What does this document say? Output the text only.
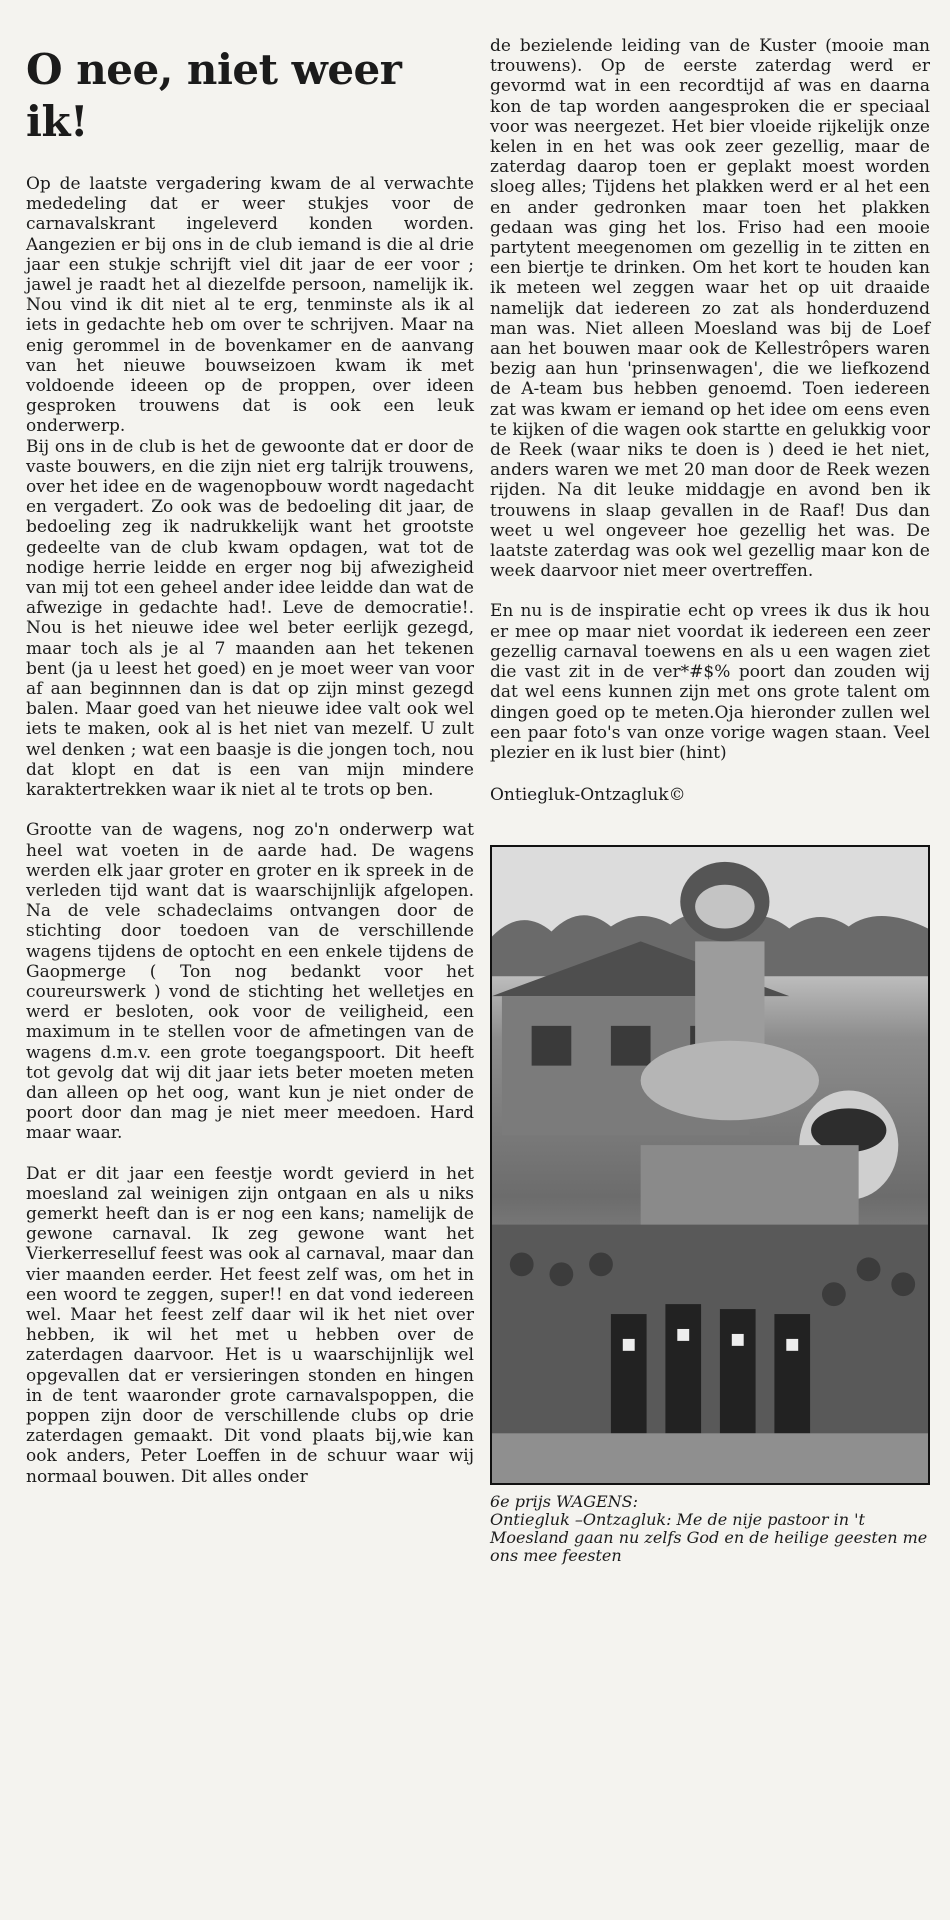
O nee, niet weer ik!

Op de laatste vergadering kwam de al verwachte mededeling dat er weer stukjes voor de carnavalskrant ingeleverd konden worden. Aangezien er bij ons in de club iemand is die al drie jaar een stukje schrijft viel dit jaar de eer voor ; jawel je raadt het al diezelfde persoon, namelijk ik. Nou vind ik dit niet al te erg, tenminste als ik al iets in gedachte heb om over te schrijven. Maar na enig gerommel in de bovenkamer en de aanvang van het nieuwe bouwseizoen kwam ik met voldoende ideeen op de proppen, over ideen gesproken trouwens dat is ook een leuk onderwerp.

Bij ons in de club is het de gewoonte dat er door de vaste bouwers, en die zijn niet erg talrijk trouwens, over het idee en de wagenopbouw wordt nagedacht en vergadert. Zo ook was de bedoeling dit jaar, de bedoeling zeg ik nadrukkelijk want het grootste gedeelte van de club kwam opdagen, wat tot de nodige herrie leidde en erger nog bij afwezigheid van mij tot een geheel ander idee leidde dan wat de afwezige in gedachte had!. Leve de democratie!. Nou is het nieuwe idee wel beter eerlijk gezegd, maar toch als je al 7 maanden aan het tekenen bent (ja u leest het goed) en je moet weer van voor af aan beginnnen dan is dat op zijn minst gezegd balen. Maar goed van het nieuwe idee valt ook wel iets te maken, ook al is het niet van mezelf. U zult wel denken ; wat een baasje is die jongen toch, nou dat klopt en dat is een van mijn mindere karaktertrekken waar ik niet al te trots op ben.

Grootte van de wagens, nog zo'n onderwerp wat heel wat voeten in de aarde had. De wagens werden elk jaar groter en groter en ik spreek in de verleden tijd want dat is waarschijnlijk afgelopen. Na de vele schadeclaims ontvangen door de stichting door toedoen van de verschillende wagens tijdens de optocht en een enkele tijdens de Gaopmerge ( Ton nog bedankt voor het coureurswerk ) vond de stichting het welletjes en werd er besloten, ook voor de veiligheid, een maximum in te stellen voor de afmetingen van de wagens d.m.v. een grote toegangspoort. Dit heeft tot gevolg dat wij dit jaar iets beter moeten meten dan alleen op het oog, want kun je niet onder de poort door dan mag je niet meer meedoen. Hard maar waar.

Dat er dit jaar een feestje wordt gevierd in het moesland zal weinigen zijn ontgaan en als u niks gemerkt heeft dan is er nog een kans; namelijk de gewone carnaval. Ik zeg gewone want het Vierkerreselluf feest was ook al carnaval, maar dan vier maanden eerder. Het feest zelf was, om het in een woord te zeggen, super!! en dat vond iedereen wel. Maar het feest zelf daar wil ik het niet over hebben, ik wil het met u hebben over de zaterdagen daarvoor. Het is u waarschijnlijk wel opgevallen dat er versieringen stonden en hingen in de tent waaronder grote carnavalspoppen, die poppen zijn door de verschillende clubs op drie zaterdagen gemaakt. Dit vond plaats bij,wie kan ook anders, Peter Loeffen in de schuur waar wij normaal bouwen. Dit alles onder

de bezielende leiding van de Kuster (mooie man trouwens). Op de eerste zaterdag werd er gevormd wat in een recordtijd af was en daarna kon de tap worden aangesproken die er speciaal voor was neergezet. Het bier vloeide rijkelijk onze kelen in en het was ook zeer gezellig, maar de zaterdag daarop toen er geplakt moest worden sloeg alles; Tijdens het plakken werd er al het een en ander gedronken maar toen het plakken gedaan was ging het los. Friso had een mooie partytent meegenomen om gezellig in te zitten en een biertje te drinken. Om het kort te houden kan ik meteen wel zeggen waar het op uit draaide namelijk dat iedereen zo zat als honderduzend man was. Niet alleen Moesland was bij de Loef aan het bouwen maar ook de Kellestrôpers waren bezig aan hun 'prinsenwagen', die we liefkozend de A-team bus hebben genoemd. Toen iedereen zat was kwam er iemand op het idee om eens even te kijken of die wagen ook startte en gelukkig voor de Reek (waar niks te doen is ) deed ie het niet, anders waren we met 20 man door de Reek wezen rijden. Na dit leuke middagje en avond ben ik trouwens in slaap gevallen in de Raaf! Dus dan weet u wel ongeveer hoe gezellig het was. De laatste zaterdag was ook wel gezellig maar kon de week daarvoor niet meer overtreffen.

En nu is de inspiratie echt op vrees ik dus ik hou er mee op maar niet voordat ik iedereen een zeer gezellig carnaval toewens en als u een wagen ziet die vast zit in de ver*#$% poort dan zouden wij dat wel eens kunnen zijn met ons grote talent om dingen goed op te meten.Oja hieronder zullen wel een paar foto's van onze vorige wagen staan. Veel plezier en ik lust bier (hint)

Ontiegluk-Ontzagluk©
6e prijs WAGENS:
Ontiegluk –Ontzagluk: Me de nije pastoor in 't Moesland gaan nu zelfs God en de heilige geesten me ons mee feesten
